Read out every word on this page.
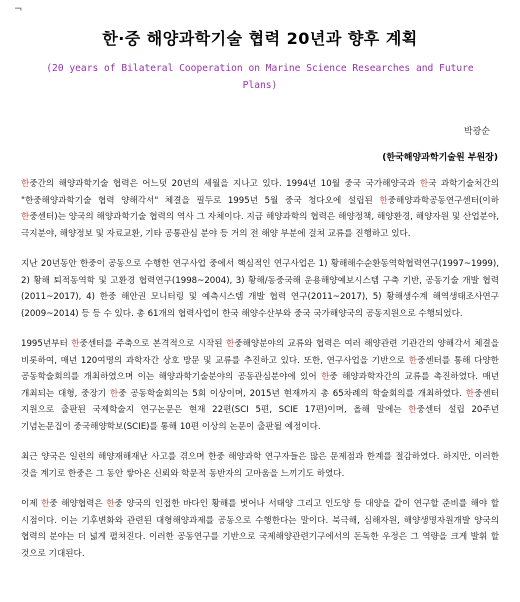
¬
한·중 해양과학기술 협력 20년과 향후 계획
(20 years of Bilateral Cooperation on Marine Science Researches and Future Plans)
박광순
(한국해양과학기술원 부원장)

한중간의 해양과학기술 협력은 어느덧 20년의 세월을 지나고 있다. 1994년 10월 중국 국가해양국과 한국 과학기술처간의 "한중해양과학기술 협력 양해각서" 체결을 필두로 1995년 5월 중국 청다오에 설립된 한중해양과학공동연구센터(이하 한중센터)는 양국의 해양과학기술 협력의 역사 그 자체이다. 지금 해양과학의 협력은 해양정책, 해양환경, 해양자원 및 산업분야, 극지분야, 해양정보 및 자료교환, 기타 공통관심 분야 등 거의 전 해양 부분에 걸쳐 교류를 진행하고 있다.

지난 20년동안 한중이 공동으로 수행한 연구사업 중에서 핵심적인 연구사업은 1) 황해해수순환동역학협력연구(1997~1999), 2) 황해 퇴적동역학 및 고환경 협력연구(1998~2004), 3) 황해/동중국해 운용해양예보시스템 구축 기반, 공동기술 개발 협력(2011~2017), 4) 한중 해안권 모니터링 및 예측시스템 개발 협력 연구(2011~2017), 5) 황해생수계 해역생태조사연구(2009~2014) 등 등 수 있다. 총 61개의 협력사업이 한국 해양수산부와 중국 국가해양국의 공동지원으로 수행되었다.

1995년부터 한중센터를 주축으로 본격적으로 시작된 한중해양분야의 교류와 협력은 여러 해양관련 기관간의 양해각서 체결을 비롯하여, 매년 120여명의 과학자간 상호 방문 및 교류를 추진하고 있다. 또한, 연구사업을 기반으로 한중센터를 통해 다양한 공동학술회의를 개최하였으며 이는 해양과학기술분야의 공동관심분야에 있어 한중 해양과학자간의 교류를 촉진하였다. 매년 개최되는 대형, 중장기 한중 공동학술회의는 5회 이상이며, 2015년 현재까지 총 65차례의 학술회의를 개최하였다. 한중센터 지원으로 출판된 국제학술지 연구논문은 현재 22편(SCI 5편, SCIE 17편)이며, 올해 말에는 한중센터 설립 20주년 기념논문집이 중국해양학보(SCIE)를 통해 10편 이상의 논문이 출판될 예정이다.

최근 양국은 일련의 해양재해재난 사고를 겪으며 한중 해양과학 연구자들은 많은 문제점과 한계를 절감하였다. 하지만, 이러한 것을 계기로 한중은 그 동안 쌓아온 신뢰와 학문적 동반자의 고마움을 느끼기도 하였다.

이제 한중 해양협력은 한중 양국의 인접한 바다인 황해를 벗어나 서태양 그리고 인도양 등 대양을 같이 연구할 준비를 해야 할 시점이다. 이는 기후변화와 관련된 대형해양과제를 공동으로 수행한다는 말이다. 북극해, 심해자원, 해양생명자원개발 양국의 협력의 분야는 더 넓게 펼쳐진다. 이러한 공동연구를 기반으로 국제해양관련기구에서의 돈독한 우정은 그 역량을 크게 발휘 할 것으로 기대된다.
